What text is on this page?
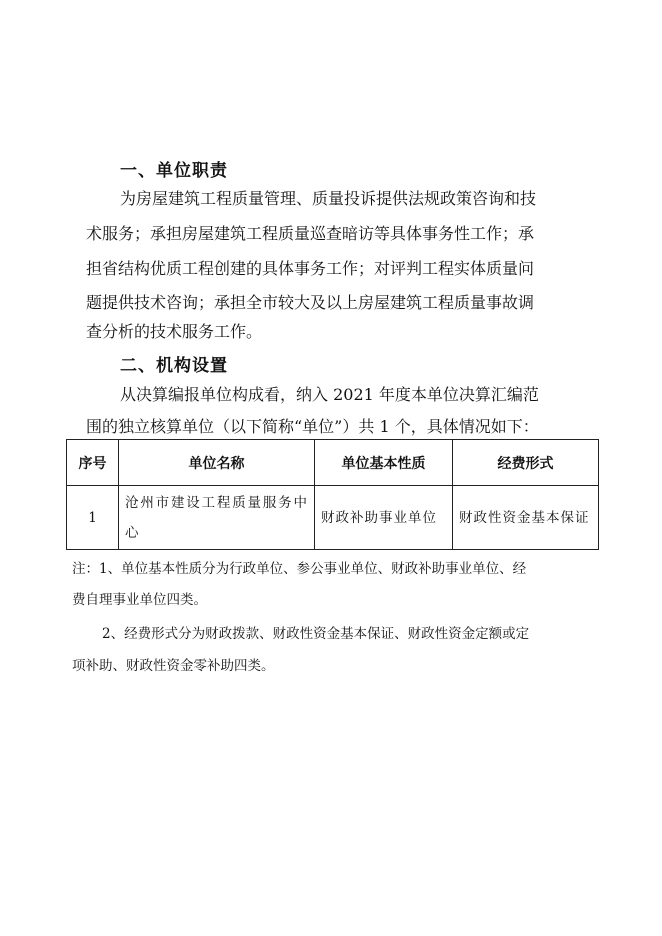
一、单位职责
为房屋建筑工程质量管理、质量投诉提供法规政策咨询和技
术服务；承担房屋建筑工程质量巡查暗访等具体事务性工作；承
担省结构优质工程创建的具体事务工作；对评判工程实体质量问
题提供技术咨询；承担全市较大及以上房屋建筑工程质量事故调
查分析的技术服务工作。
二、机构设置
从决算编报单位构成看，纳入 2021 年度本单位决算汇编范
围的独立核算单位（以下简称“单位”）共 1 个，具体情况如下：
序号	单位名称	单位基本性质	经费形式
1	沧州市建设工程质量服务中心	财政补助事业单位	财政性资金基本保证
注：1、单位基本性质分为行政单位、参公事业单位、财政补助事业单位、经
费自理事业单位四类。
2、经费形式分为财政拨款、财政性资金基本保证、财政性资金定额或定
项补助、财政性资金零补助四类。
